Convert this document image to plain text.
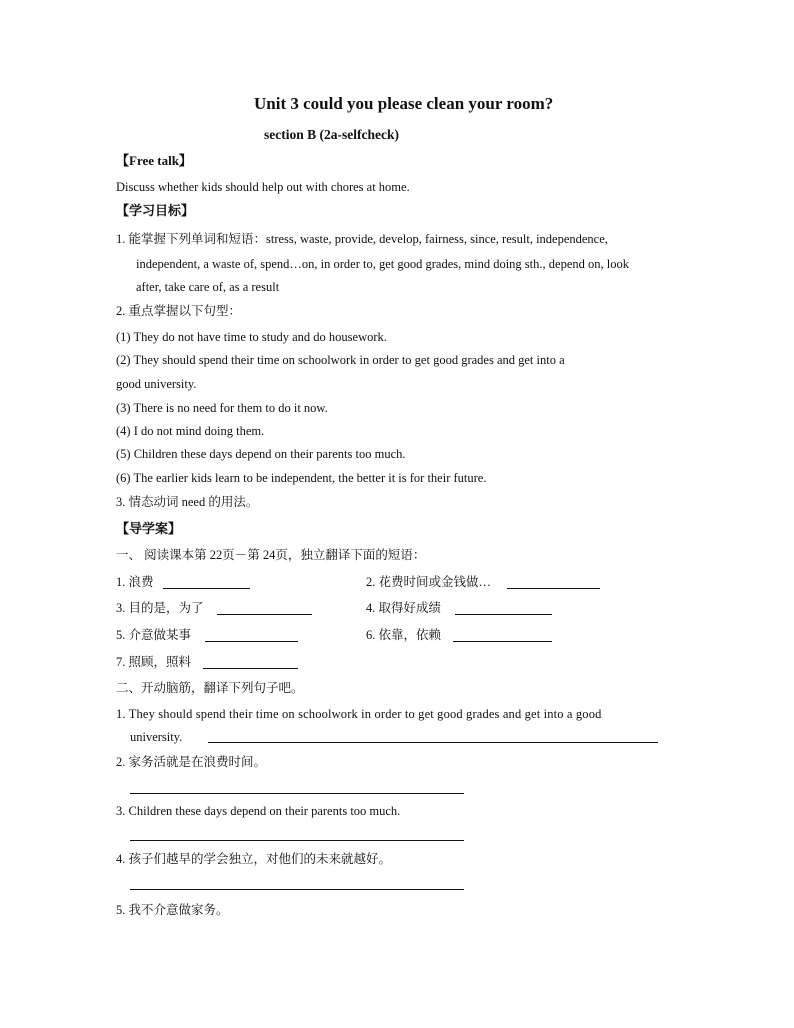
Unit 3 could you please clean your room?
section B (2a-selfcheck)
【Free talk】
Discuss whether kids should help out with chores at home.
【学习目标】
1. 能掌握下列单词和短语：stress, waste, provide, develop, fairness, since, result, independence,
independent, a waste of, spend…on, in order to, get good grades, mind doing sth., depend on, look
after, take care of, as a result
2. 重点掌握以下句型：
(1) They do not have time to study and do housework.
(2) They should spend their time on schoolwork in order to get good grades and get into a
good university.
(3) There is no need for them to do it now.
(4) I do not mind doing them.
(5) Children these days depend on their parents too much.
(6) The earlier kids learn to be independent, the better it is for their future.
3. 情态动词 need 的用法。
【导学案】
一、 阅读课本第 22页－第 24页，独立翻译下面的短语：
1. 浪费	2. 花费时间或金钱做…
3. 目的是，为了	4. 取得好成绩
5. 介意做某事	6. 依靠，依赖
7. 照顾，照料
二、开动脑筋，翻译下列句子吧。
1. They should spend their time on schoolwork in order to get good grades and get into a good
university.
2. 家务活就是在浪费时间。
3. Children these days depend on their parents too much.
4. 孩子们越早的学会独立，对他们的未来就越好。
5. 我不介意做家务。
